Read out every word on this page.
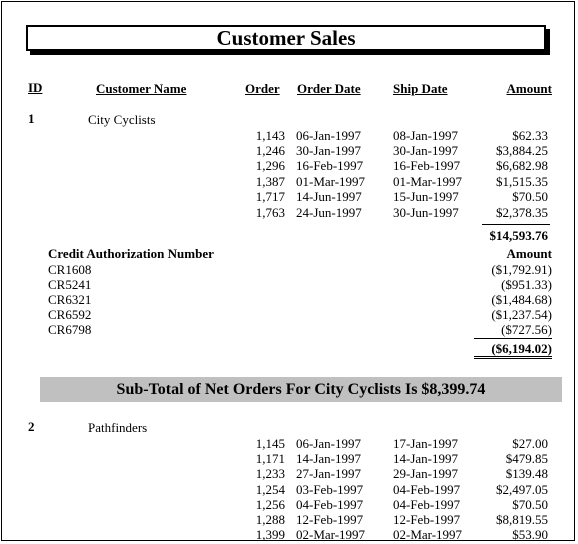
Customer Sales
ID	Customer Name	Order Order Date Ship Date	Amount
1	City Cyclists
1,143 06-Jan-1997 08-Jan-1997	$62.33
1,246 30-Jan-1997 30-Jan-1997	$3,884.25
1,296 16-Feb-1997 16-Feb-1997	$6,682.98
1,387 01-Mar-1997 01-Mar-1997	$1,515.35
1,717 14-Jun-1997 15-Jun-1997	$70.50
1,763 24-Jun-1997 30-Jun-1997	$2,378.35
$14,593.76
Credit Authorization Number	Amount
CR1608	($1,792.91)
CR5241	($951.33)
CR6321	($1,484.68)
CR6592	($1,237.54)
CR6798	($727.56)
($6,194.02)
Sub-Total of Net Orders For City Cyclists Is $8,399.74
2	Pathfinders
1,145 06-Jan-1997 17-Jan-1997	$27.00
1,171 14-Jan-1997 14-Jan-1997	$479.85
1,233 27-Jan-1997 29-Jan-1997	$139.48
1,254 03-Feb-1997 04-Feb-1997	$2,497.05
1,256 04-Feb-1997 04-Feb-1997	$70.50
1,288 12-Feb-1997 12-Feb-1997	$8,819.55
1,399 02-Mar-1997 02-Mar-1997	$53.90
